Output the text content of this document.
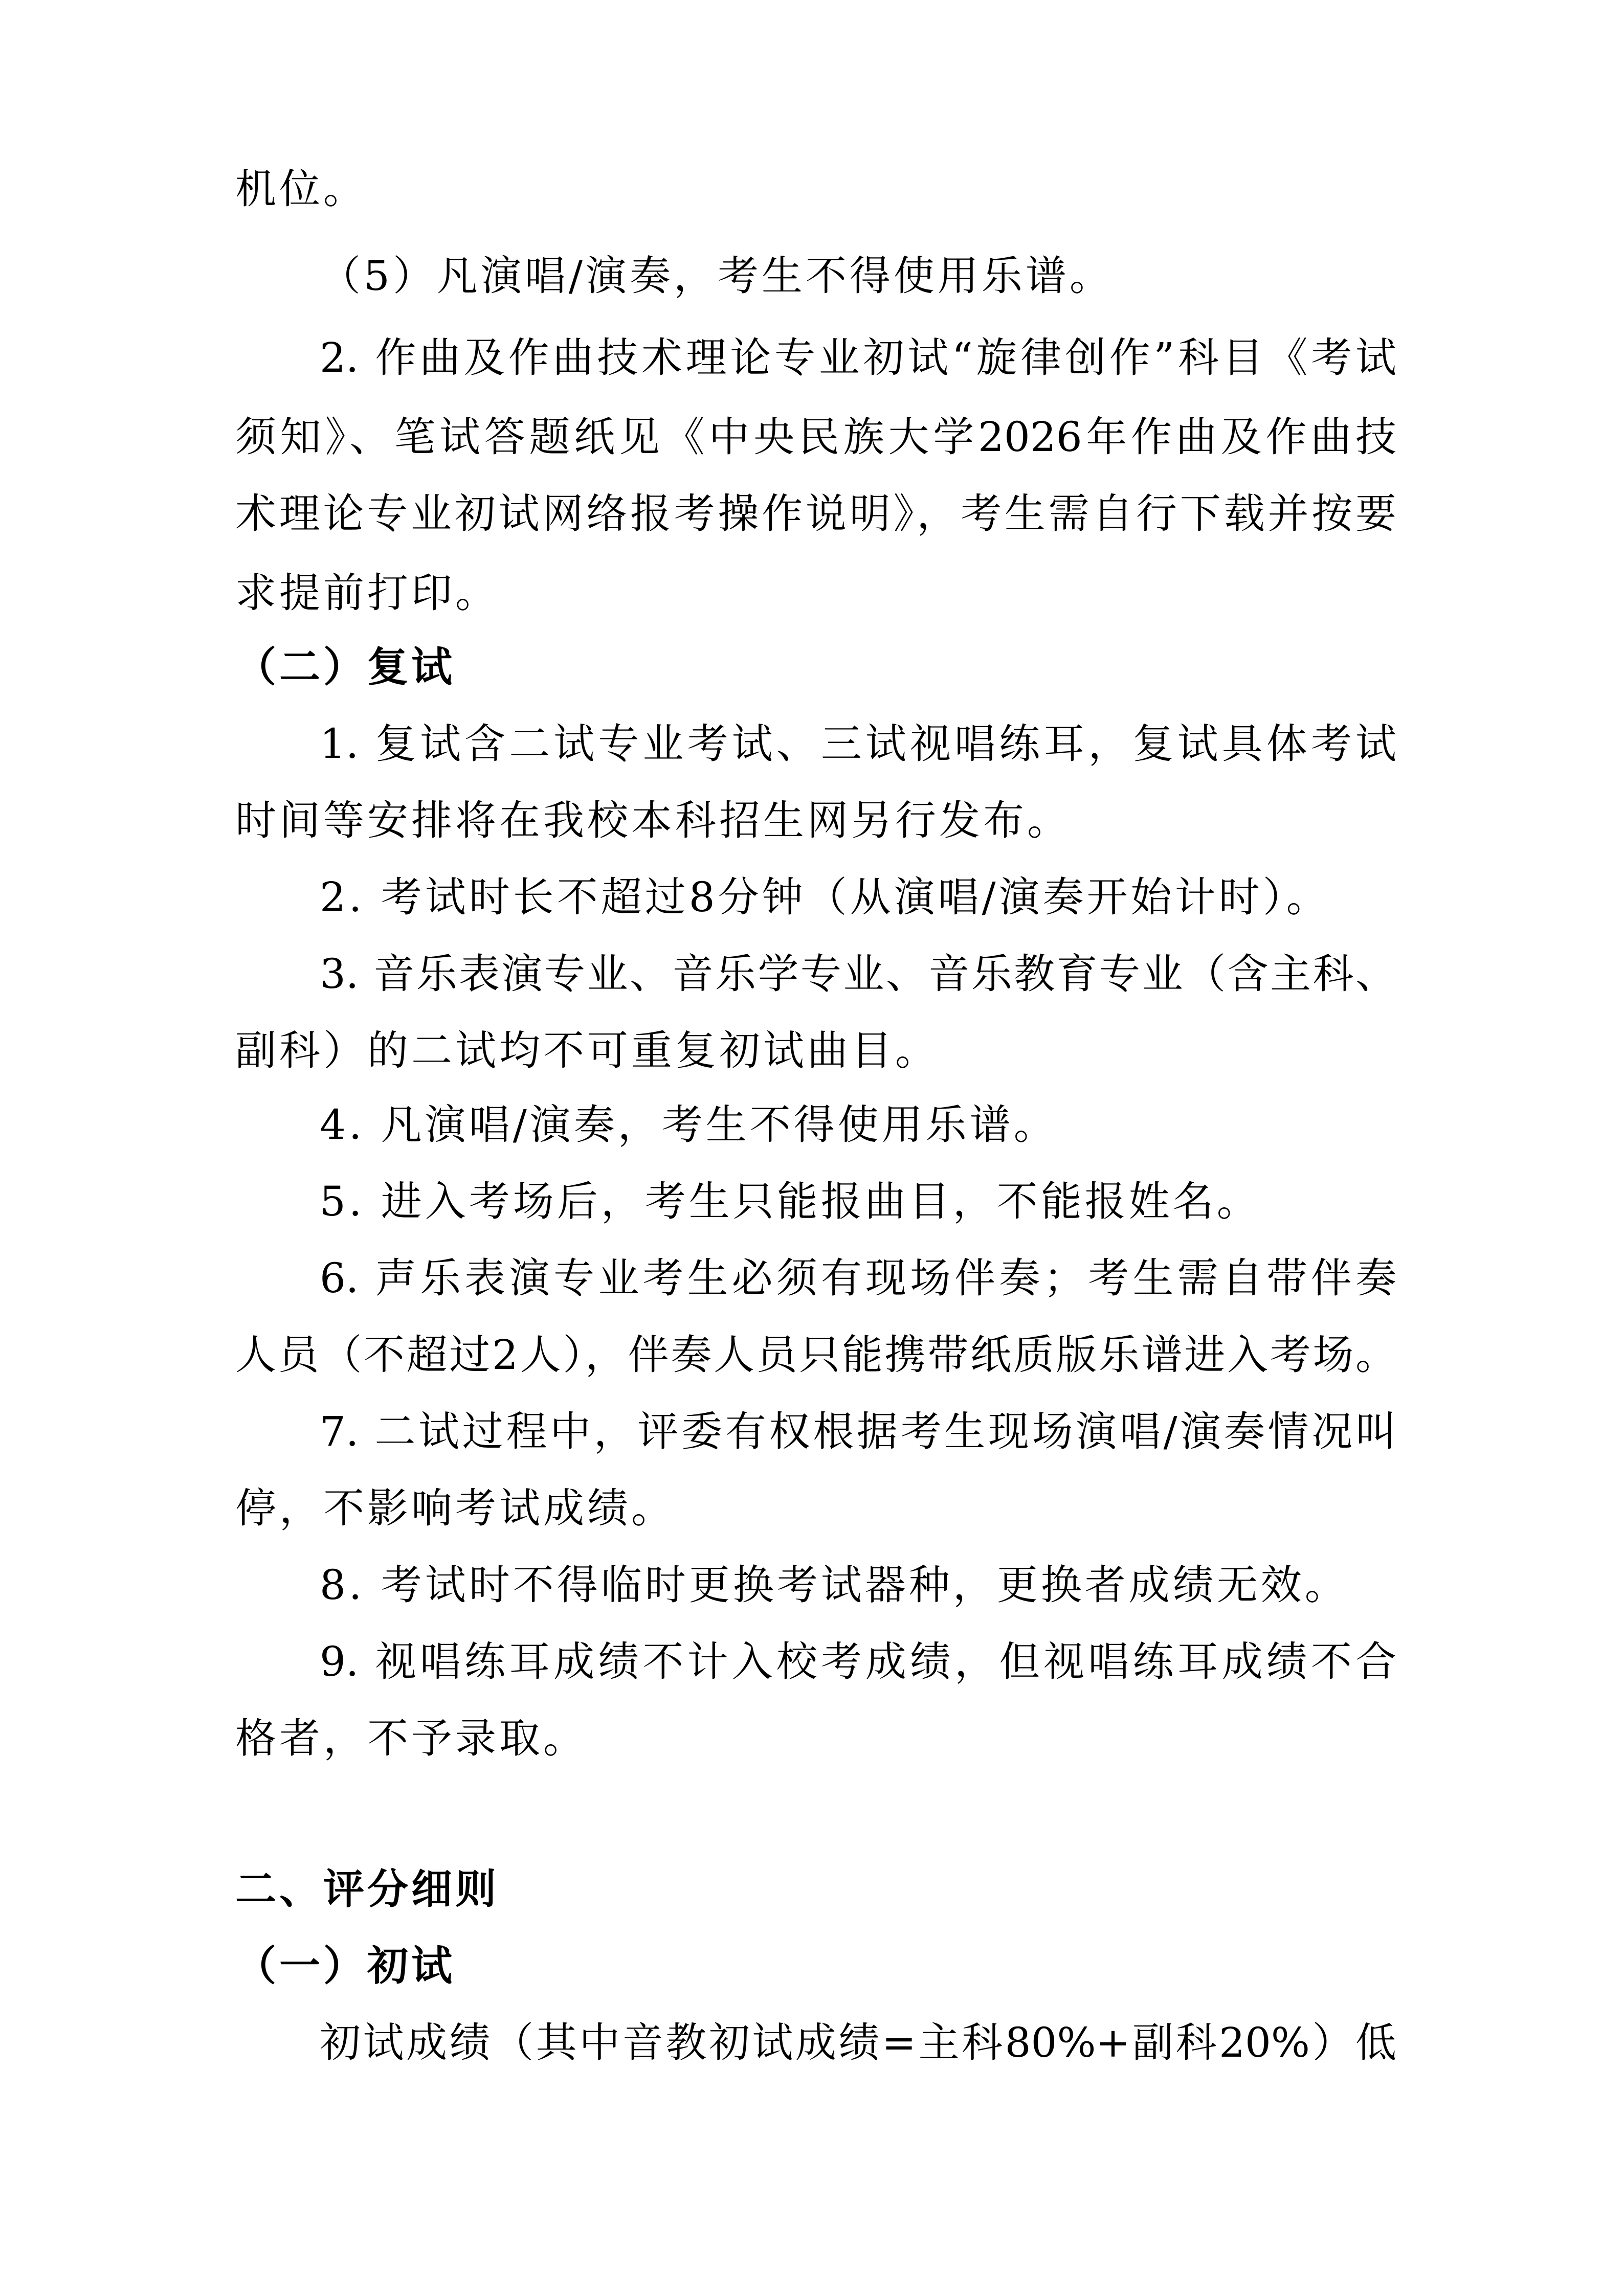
机位。
（5）凡演唱/演奏，考生不得使用乐谱。
2. 作曲及作曲技术理论专业初试“旋律创作”科目《考试
须知》、笔试答题纸见《中央民族大学2026年作曲及作曲技
术理论专业初试网络报考操作说明》，考生需自行下载并按要
求提前打印。
（二）复试
1. 复试含二试专业考试、三试视唱练耳，复试具体考试
时间等安排将在我校本科招生网另行发布。
2. 考试时长不超过8分钟（从演唱/演奏开始计时）。
3. 音乐表演专业、音乐学专业、音乐教育专业（含主科、
副科）的二试均不可重复初试曲目。
4. 凡演唱/演奏，考生不得使用乐谱。
5. 进入考场后，考生只能报曲目，不能报姓名。
6. 声乐表演专业考生必须有现场伴奏；考生需自带伴奏
人员（不超过2人），伴奏人员只能携带纸质版乐谱进入考场。
7. 二试过程中，评委有权根据考生现场演唱/演奏情况叫
停，不影响考试成绩。
8. 考试时不得临时更换考试器种，更换者成绩无效。
9. 视唱练耳成绩不计入校考成绩，但视唱练耳成绩不合
格者，不予录取。
二、评分细则
（一）初试
初试成绩（其中音教初试成绩=主科80%+副科20%）低
